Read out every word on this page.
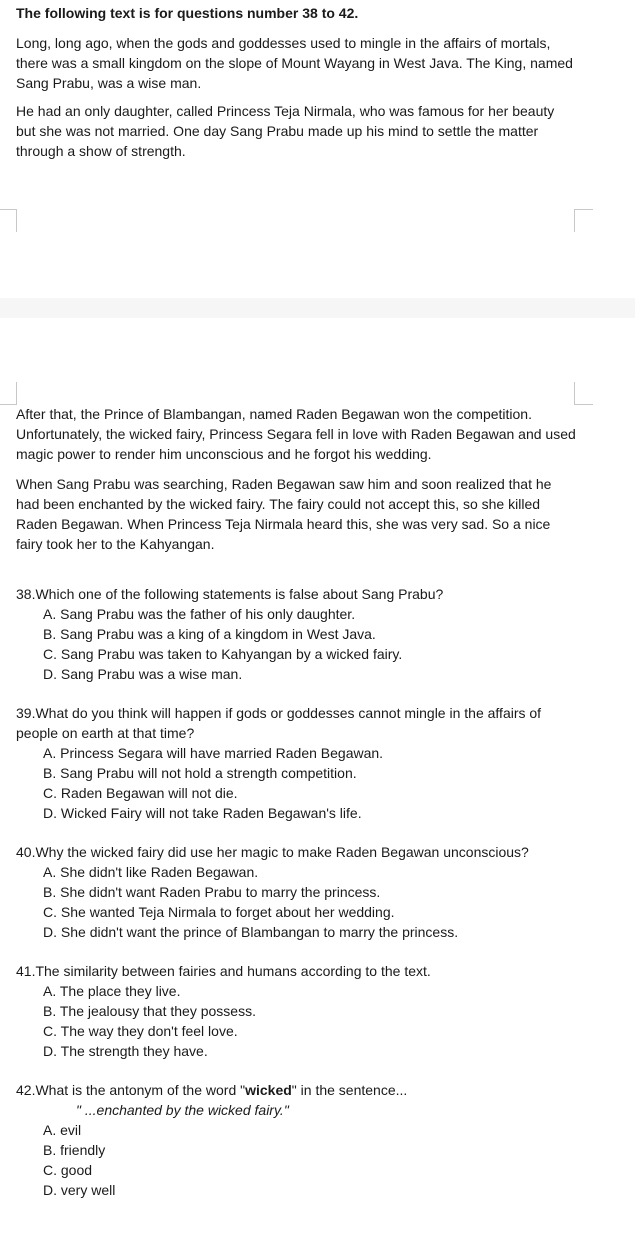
The following text is for questions number 38 to 42.

Long, long ago, when the gods and goddesses used to mingle in the affairs of mortals, there was a small kingdom on the slope of Mount Wayang in West Java. The King, named Sang Prabu, was a wise man.

He had an only daughter, called Princess Teja Nirmala, who was famous for her beauty but she was not married. One day Sang Prabu made up his mind to settle the matter through a show of strength.

After that, the Prince of Blambangan, named Raden Begawan won the competition. Unfortunately, the wicked fairy, Princess Segara fell in love with Raden Begawan and used magic power to render him unconscious and he forgot his wedding.

When Sang Prabu was searching, Raden Begawan saw him and soon realized that he had been enchanted by the wicked fairy. The fairy could not accept this, so she killed Raden Begawan. When Princess Teja Nirmala heard this, she was very sad. So a nice fairy took her to the Kahyangan.

38.Which one of the following statements is false about Sang Prabu?

A. Sang Prabu was the father of his only daughter.

B. Sang Prabu was a king of a kingdom in West Java.

C. Sang Prabu was taken to Kahyangan by a wicked fairy.

D. Sang Prabu was a wise man.

39.What do you think will happen if gods or goddesses cannot mingle in the affairs of people on earth at that time?

A. Princess Segara will have married Raden Begawan.

B. Sang Prabu will not hold a strength competition.

C. Raden Begawan will not die.

D. Wicked Fairy will not take Raden Begawan's life.

40.Why the wicked fairy did use her magic to make Raden Begawan unconscious?

A. She didn't like Raden Begawan.

B. She didn't want Raden Prabu to marry the princess.

C. She wanted Teja Nirmala to forget about her wedding.

D. She didn't want the prince of Blambangan to marry the princess.

41.The similarity between fairies and humans according to the text.

A. The place they live.

B. The jealousy that they possess.

C. The way they don't feel love.

D. The strength they have.

42.What is the antonym of the word "wicked" in the sentence...

" ...enchanted by the wicked fairy."

A. evil

B. friendly

C. good

D. very well
